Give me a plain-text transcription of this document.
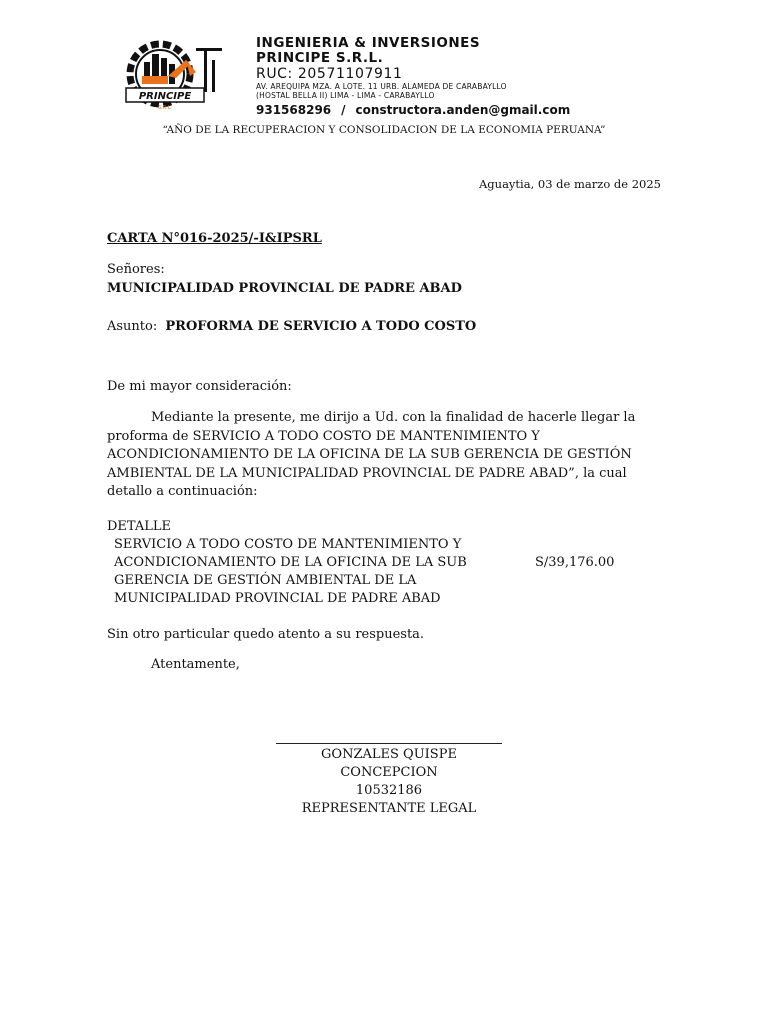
PRINCIPE
S.R.L.
INGENIERIA & INVERSIONES
PRINCIPE S.R.L.
RUC: 20571107911
AV. AREQUIPA MZA. A LOTE. 11 URB. ALAMEDA DE CARABAYLLO
(HOSTAL BELLA II) LIMA - LIMA - CARABAYLLO
931568296 / constructora.anden@gmail.com
“AÑO DE LA RECUPERACION Y CONSOLIDACION DE LA ECONOMIA PERUANA”
Aguaytia, 03 de marzo de 2025
CARTA N°016-2025/-I&IPSRL
Señores:
MUNICIPALIDAD PROVINCIAL DE PADRE ABAD
Asunto: PROFORMA DE SERVICIO A TODO COSTO
De mi mayor consideración:
Mediante la presente, me dirijo a Ud. con la finalidad de hacerle llegar la proforma de SERVICIO A TODO COSTO DE MANTENIMIENTO Y ACONDICIONAMIENTO DE LA OFICINA DE LA SUB GERENCIA DE GESTIÓN AMBIENTAL DE LA MUNICIPALIDAD PROVINCIAL DE PADRE ABAD”, la cual detallo a continuación:
DETALLE
SERVICIO A TODO COSTO DE MANTENIMIENTO Y ACONDICIONAMIENTO DE LA OFICINA DE LA SUB GERENCIA DE GESTIÓN AMBIENTAL DE LA MUNICIPALIDAD PROVINCIAL DE PADRE ABAD
S/39,176.00
Sin otro particular quedo atento a su respuesta.
Atentamente,
GONZALES QUISPE CONCEPCION
10532186
REPRESENTANTE LEGAL
